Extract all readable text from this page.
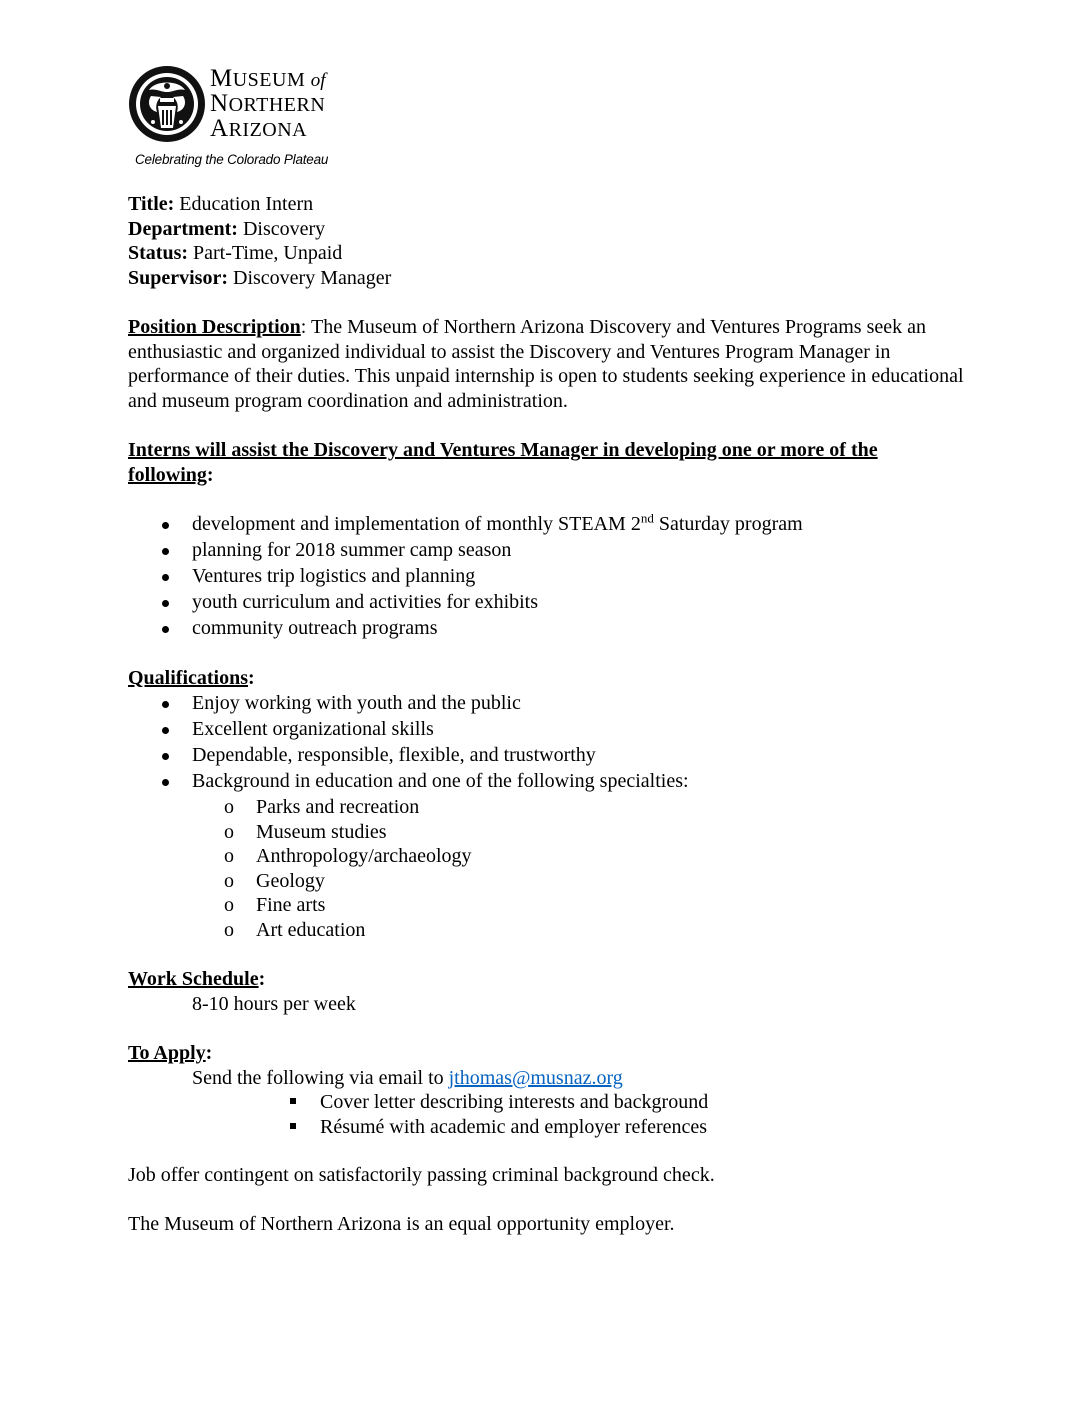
MUSEUM of
NORTHERN
ARIZONA
Celebrating the Colorado Plateau
Title: Education Intern
Department: Discovery
Status: Part-Time, Unpaid
Supervisor: Discovery Manager
Position Description: The Museum of Northern Arizona Discovery and Ventures Programs seek an enthusiastic and organized individual to assist the Discovery and Ventures Program Manager in performance of their duties. This unpaid internship is open to students seeking experience in educational and museum program coordination and administration.
Interns will assist the Discovery and Ventures Manager in developing one or more of the
following:
development and implementation of monthly STEAM 2nd Saturday program
planning for 2018 summer camp season
Ventures trip logistics and planning
youth curriculum and activities for exhibits
community outreach programs
Qualifications:
Enjoy working with youth and the public
Excellent organizational skills
Dependable, responsible, flexible, and trustworthy
Background in education and one of the following specialties:
o Parks and recreation
o Museum studies
o Anthropology/archaeology
o Geology
o Fine arts
o Art education
Work Schedule:
8-10 hours per week
To Apply:
Send the following via email to jthomas@musnaz.org
Cover letter describing interests and background
Résumé with academic and employer references
Job offer contingent on satisfactorily passing criminal background check.
The Museum of Northern Arizona is an equal opportunity employer.
